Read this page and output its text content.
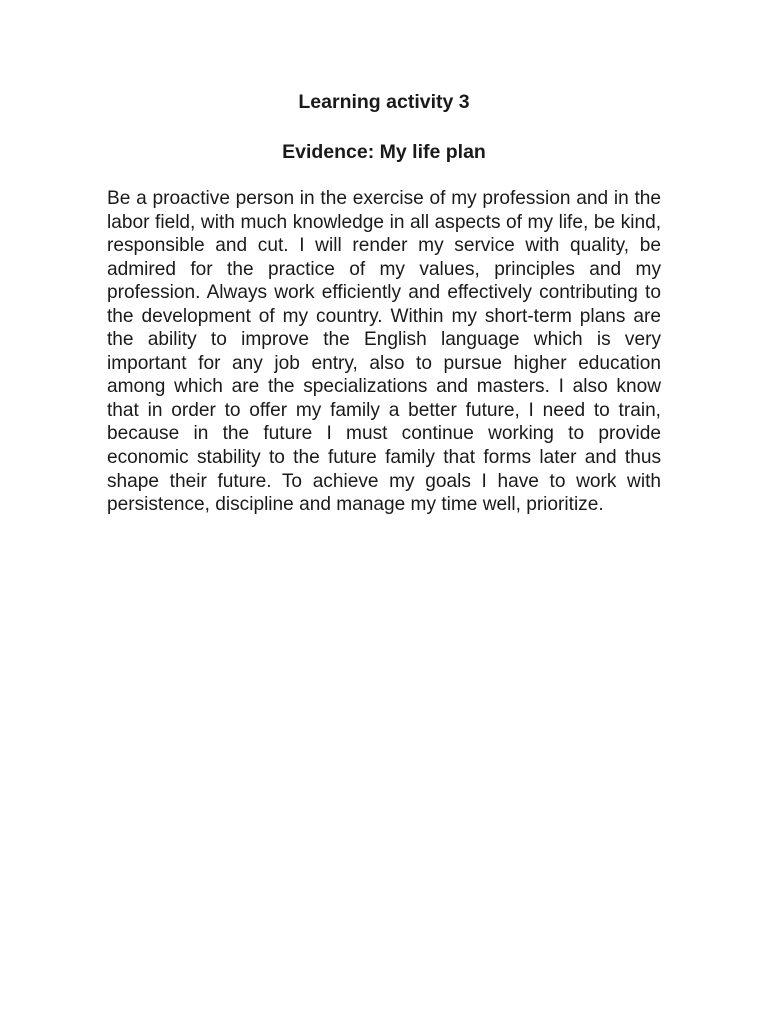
Learning activity 3
Evidence: My life plan

Be a proactive person in the exercise of my profession and in the labor field, with much knowledge in all aspects of my life, be kind, responsible and cut. I will render my service with quality, be admired for the practice of my values, principles and my profession. Always work efficiently and effectively contributing to the development of my country. Within my short-term plans are the ability to improve the English language which is very important for any job entry, also to pursue higher education among which are the specializations and masters. I also know that in order to offer my family a better future, I need to train, because in the future I must continue working to provide economic stability to the future family that forms later and thus shape their future. To achieve my goals I have to work with persistence, discipline and manage my time well, prioritize.
